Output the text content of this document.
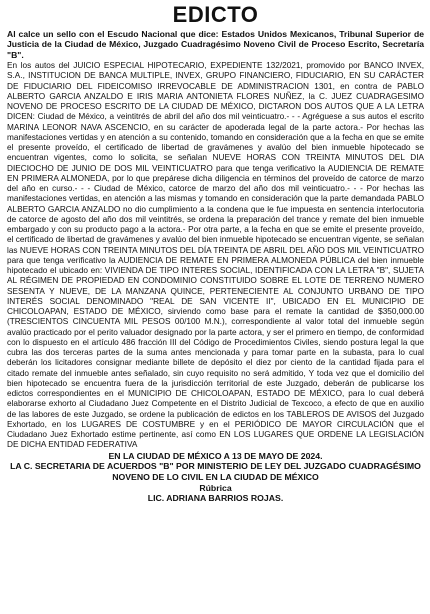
EDICTO

Al calce un sello con el Escudo Nacional que dice: Estados Unidos Mexicanos, Tribunal Superior de Justicia de la Ciudad de México, Juzgado Cuadragésimo Noveno Civil de Proceso Escrito, Secretaría "B".

En los autos del JUICIO ESPECIAL HIPOTECARIO, EXPEDIENTE 132/2021, promovido por BANCO INVEX, S.A., INSTITUCION DE BANCA MULTIPLE, INVEX, GRUPO FINANCIERO, FIDUCIARIO, EN SU CARÁCTER DE FIDUCIARIO DEL FIDEICOMISO IRREVOCABLE DE ADMINISTRACION 1301, en contra de PABLO ALBERTO GARCIA ANZALDO E IRIS MARIA ANTONIETA FLORES NUÑEZ, la C. JUEZ CUADRAGESIMO NOVENO DE PROCESO ESCRITO DE LA CIUDAD DE MÉXICO, DICTARON DOS AUTOS QUE A LA LETRA DICEN: Ciudad de México, a veintitrés de abril del año dos mil veinticuatro.- - - Agréguese a sus autos el escrito MARINA LEONOR NAVA ASCENCIO, en su carácter de apoderada legal de la parte actora.- Por hechas las manifestaciones vertidas y en atención a su contenido, tomando en consideración que a la fecha en que se emite el presente proveído, el certificado de libertad de gravámenes y avalúo del bien inmueble hipotecado se encuentran vigentes, como lo solicita, se señalan NUEVE HORAS CON TREINTA MINUTOS DEL DIA DIECIOCHO DE JUNIO DE DOS MIL VEINTICUATRO para que tenga verificativo la AUDIENCIA DE REMATE EN PRIMERA ALMONEDA, por lo que prepárese dicha diligencia en términos del proveído de catorce de marzo del año en curso.- - - Ciudad de México, catorce de marzo del año dos mil veinticuatro.- - - Por hechas las manifestaciones vertidas, en atención a las mismas y tomando en consideración que la parte demandada PABLO ALBERTO GARCIA ANZALDO no dio cumplimiento a la condena que le fue impuesta en sentencia interlocutoria de catorce de agosto del año dos mil veintitrés, se ordena la preparación del trance y remate del bien inmueble embargado y con su producto pago a la actora.- Por otra parte, a la fecha en que se emite el presente proveído, el certificado de libertad de gravámenes y avalúo del bien inmueble hipotecado se encuentran vigente, se señalan las NUEVE HORAS CON TREINTA MINUTOS DEL DÍA TREINTA DE ABRIL DEL AÑO DOS MIL VEINTICUATRO para que tenga verificativo la AUDIENCIA DE REMATE EN PRIMERA ALMONEDA PÚBLICA del bien inmueble hipotecado el ubicado en: VIVIENDA DE TIPO INTERES SOCIAL, IDENTIFICADA CON LA LETRA "B", SUJETA AL RÉGIMEN DE PROPIEDAD EN CONDOMINIO CONSTITUIDO SOBRE EL LOTE DE TERRENO NUMERO SESENTA Y NUEVE, DE LA MANZANA QUINCE, PERTENECIENTE AL CONJUNTO URBANO DE TIPO INTERÉS SOCIAL DENOMINADO "REAL DE SAN VICENTE II", UBICADO EN EL MUNICIPIO DE CHICOLOAPAN, ESTADO DE MÉXICO, sirviendo como base para el remate la cantidad de $350,000.00 (TRESCIENTOS CINCUENTA MIL PESOS 00/100 M.N.), correspondiente al valor total del inmueble según avalúo practicado por el perito valuador designado por la parte actora, y ser el primero en tiempo, de conformidad con lo dispuesto en el artículo 486 fracción III del Código de Procedimientos Civiles, siendo postura legal la que cubra las dos terceras partes de la suma antes mencionada y para tomar parte en la subasta, para lo cual deberán los licitadores consignar mediante billete de depósito el diez por ciento de la cantidad fijada para el citado remate del inmueble antes señalado, sin cuyo requisito no será admitido, Y toda vez que el domicilio del bien hipotecado se encuentra fuera de la jurisdicción territorial de este Juzgado, deberán de publicarse los edictos correspondientes en el MUNICIPIO DE CHICOLOAPAN, ESTADO DE MÉXICO, para lo cual deberá elaborarse exhorto al Ciudadano Juez Competente en el Distrito Judicial de Texcoco, a efecto de que en auxilio de las labores de este Juzgado, se ordene la publicación de edictos en los TABLEROS DE AVISOS del Juzgado Exhortado, en los LUGARES DE COSTUMBRE y en el PERIÓDICO DE MAYOR CIRCULACIÓN que el Ciudadano Juez Exhortado estime pertinente, así como EN LOS LUGARES QUE ORDENE LA LEGISLACIÓN DE DICHA ENTIDAD FEDERATIVA

EN LA CIUDAD DE MÉXICO A 13 DE MAYO DE 2024.

LA C. SECRETARIA DE ACUERDOS "B" POR MINISTERIO DE LEY DEL JUZGADO CUADRAGÉSIMO NOVENO DE LO CIVIL EN LA CIUDAD DE MÉXICO

Rúbrica

LIC. ADRIANA BARRIOS ROJAS.
